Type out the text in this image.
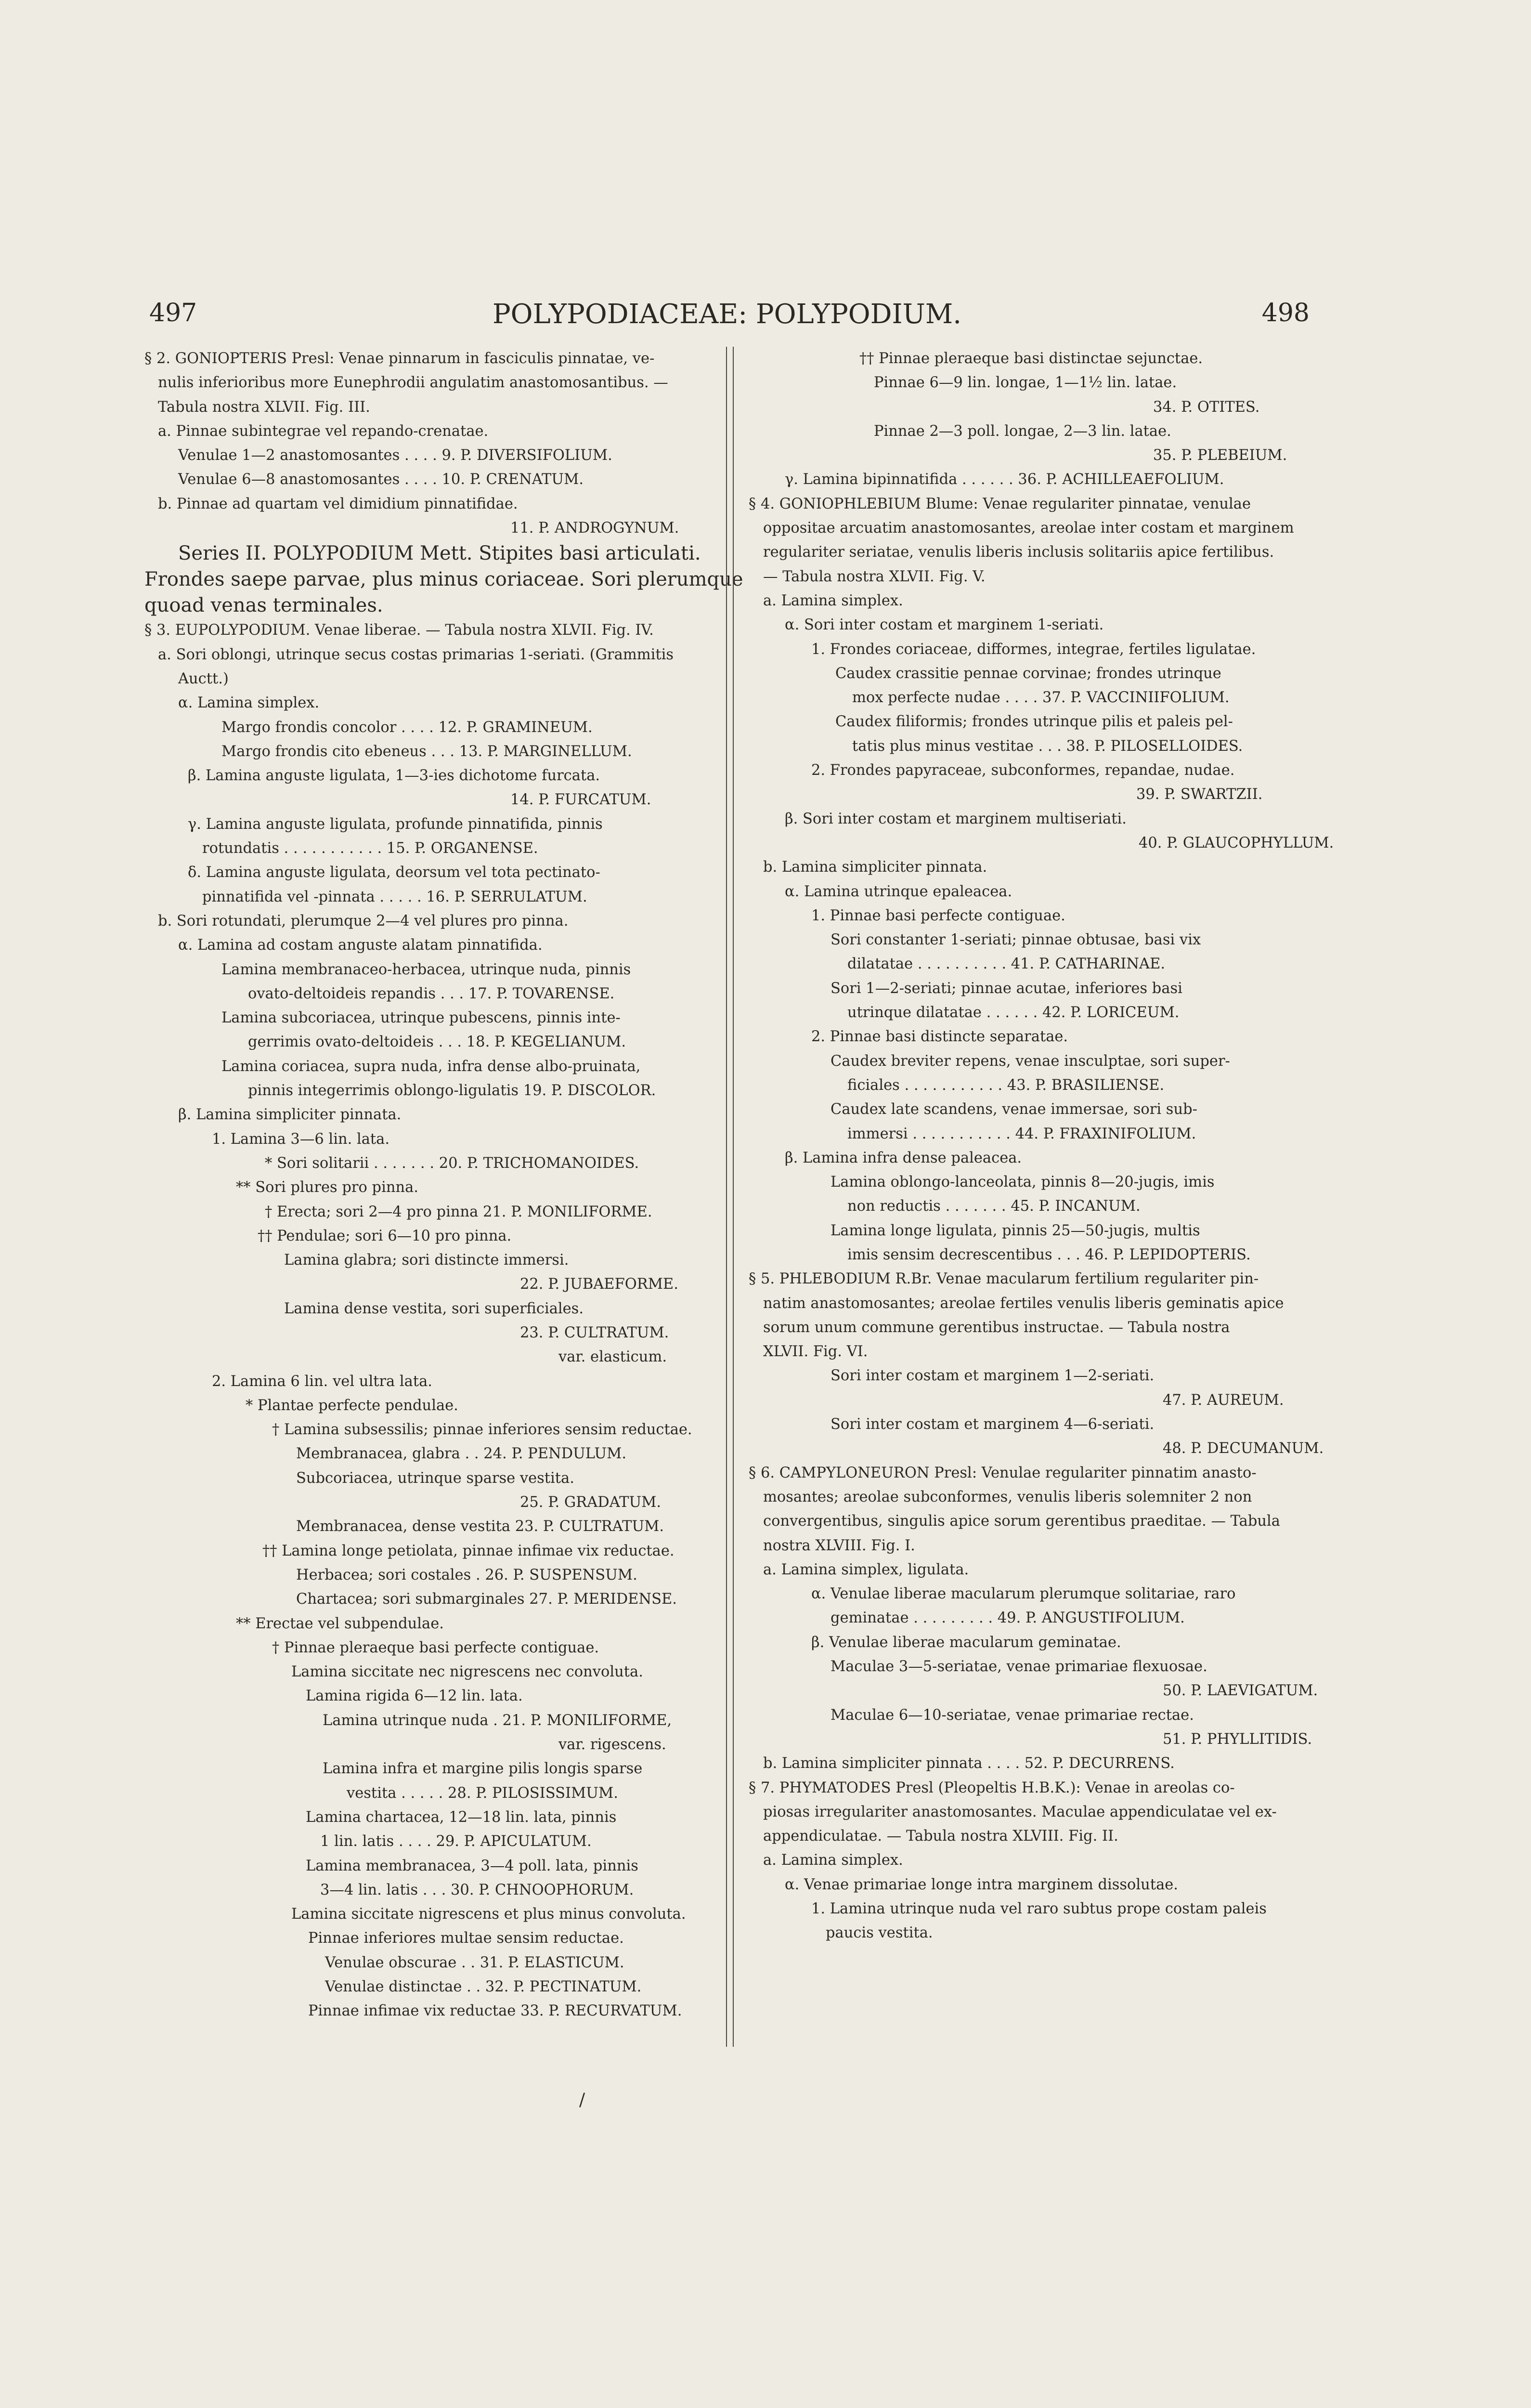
497	POLYPODIACEAE: POLYPODIUM.	498
§ 2. GONIOPTERIS Presl: Venae pinnarum in fasciculis pinnatae, ve-
nulis inferioribus more Eunephrodii angulatim anastomosantibus. —
Tabula nostra XLVII. Fig. III.
a. Pinnae subintegrae vel repando-crenatae.
Venulae 1—2 anastomosantes . . . . 9. P. DIVERSIFOLIUM.
Venulae 6—8 anastomosantes . . . . 10. P. CRENATUM.
b. Pinnae ad quartam vel dimidium pinnatifidae.
11. P. ANDROGYNUM.
Series II. POLYPODIUM Mett. Stipites basi articulati.
Frondes saepe parvae, plus minus coriaceae. Sori plerumque
quoad venas terminales.
§ 3. EUPOLYPODIUM. Venae liberae. — Tabula nostra XLVII. Fig. IV.
a. Sori oblongi, utrinque secus costas primarias 1-seriati. (Grammitis
Auctt.)
α. Lamina simplex.
Margo frondis concolor . . . . 12. P. GRAMINEUM.
Margo frondis cito ebeneus . . . 13. P. MARGINELLUM.
β. Lamina anguste ligulata, 1—3-ies dichotome furcata.
14. P. FURCATUM.
γ. Lamina anguste ligulata, profunde pinnatifida, pinnis
rotundatis . . . . . . . . . . . 15. P. ORGANENSE.
δ. Lamina anguste ligulata, deorsum vel tota pectinato-
pinnatifida vel -pinnata . . . . . 16. P. SERRULATUM.
b. Sori rotundati, plerumque 2—4 vel plures pro pinna.
α. Lamina ad costam anguste alatam pinnatifida.
Lamina membranaceo-herbacea, utrinque nuda, pinnis
ovato-deltoideis repandis . . . 17. P. TOVARENSE.
Lamina subcoriacea, utrinque pubescens, pinnis inte-
gerrimis ovato-deltoideis . . . 18. P. KEGELIANUM.
Lamina coriacea, supra nuda, infra dense albo-pruinata,
pinnis integerrimis oblongo-ligulatis 19. P. DISCOLOR.
β. Lamina simpliciter pinnata.
1. Lamina 3—6 lin. lata.
* Sori solitarii . . . . . . . 20. P. TRICHOMANOIDES.
** Sori plures pro pinna.
† Erecta; sori 2—4 pro pinna 21. P. MONILIFORME.
†† Pendulae; sori 6—10 pro pinna.
Lamina glabra; sori distincte immersi.
22. P. JUBAEFORME.
Lamina dense vestita, sori superficiales.
23. P. CULTRATUM.
var. elasticum.
2. Lamina 6 lin. vel ultra lata.
* Plantae perfecte pendulae.
† Lamina subsessilis; pinnae inferiores sensim reductae.
Membranacea, glabra . . 24. P. PENDULUM.
Subcoriacea, utrinque sparse vestita.
25. P. GRADATUM.
Membranacea, dense vestita 23. P. CULTRATUM.
†† Lamina longe petiolata, pinnae infimae vix reductae.
Herbacea; sori costales . 26. P. SUSPENSUM.
Chartacea; sori submarginales 27. P. MERIDENSE.
** Erectae vel subpendulae.
† Pinnae pleraeque basi perfecte contiguae.
Lamina siccitate nec nigrescens nec convoluta.
Lamina rigida 6—12 lin. lata.
Lamina utrinque nuda . 21. P. MONILIFORME,
var. rigescens.
Lamina infra et margine pilis longis sparse
vestita . . . . . 28. P. PILOSISSIMUM.
Lamina chartacea, 12—18 lin. lata, pinnis
1 lin. latis . . . . 29. P. APICULATUM.
Lamina membranacea, 3—4 poll. lata, pinnis
3—4 lin. latis . . . 30. P. CHNOOPHORUM.
Lamina siccitate nigrescens et plus minus convoluta.
Pinnae inferiores multae sensim reductae.
Venulae obscurae . . 31. P. ELASTICUM.
Venulae distinctae . . 32. P. PECTINATUM.
Pinnae infimae vix reductae 33. P. RECURVATUM.
†† Pinnae pleraeque basi distinctae sejunctae.
Pinnae 6—9 lin. longae, 1—1½ lin. latae.
34. P. OTITES.
Pinnae 2—3 poll. longae, 2—3 lin. latae.
35. P. PLEBEIUM.
γ. Lamina bipinnatifida . . . . . . 36. P. ACHILLEAEFOLIUM.
§ 4. GONIOPHLEBIUM Blume: Venae regulariter pinnatae, venulae
oppositae arcuatim anastomosantes, areolae inter costam et marginem
regulariter seriatae, venulis liberis inclusis solitariis apice fertilibus.
— Tabula nostra XLVII. Fig. V.
a. Lamina simplex.
α. Sori inter costam et marginem 1-seriati.
1. Frondes coriaceae, difformes, integrae, fertiles ligulatae.
Caudex crassitie pennae corvinae; frondes utrinque
mox perfecte nudae . . . . 37. P. VACCINIIFOLIUM.
Caudex filiformis; frondes utrinque pilis et paleis pel-
tatis plus minus vestitae . . . 38. P. PILOSELLOIDES.
2. Frondes papyraceae, subconformes, repandae, nudae.
39. P. SWARTZII.
β. Sori inter costam et marginem multiseriati.
40. P. GLAUCOPHYLLUM.
b. Lamina simpliciter pinnata.
α. Lamina utrinque epaleacea.
1. Pinnae basi perfecte contiguae.
Sori constanter 1-seriati; pinnae obtusae, basi vix
dilatatae . . . . . . . . . . 41. P. CATHARINAE.
Sori 1—2-seriati; pinnae acutae, inferiores basi
utrinque dilatatae . . . . . . 42. P. LORICEUM.
2. Pinnae basi distincte separatae.
Caudex breviter repens, venae insculptae, sori super-
ficiales . . . . . . . . . . . 43. P. BRASILIENSE.
Caudex late scandens, venae immersae, sori sub-
immersi . . . . . . . . . . . 44. P. FRAXINIFOLIUM.
β. Lamina infra dense paleacea.
Lamina oblongo-lanceolata, pinnis 8—20-jugis, imis
non reductis . . . . . . . 45. P. INCANUM.
Lamina longe ligulata, pinnis 25—50-jugis, multis
imis sensim decrescentibus . . . 46. P. LEPIDOPTERIS.
§ 5. PHLEBODIUM R.Br. Venae macularum fertilium regulariter pin-
natim anastomosantes; areolae fertiles venulis liberis geminatis apice
sorum unum commune gerentibus instructae. — Tabula nostra
XLVII. Fig. VI.
Sori inter costam et marginem 1—2-seriati.
47. P. AUREUM.
Sori inter costam et marginem 4—6-seriati.
48. P. DECUMANUM.
§ 6. CAMPYLONEURON Presl: Venulae regulariter pinnatim anasto-
mosantes; areolae subconformes, venulis liberis solemniter 2 non
convergentibus, singulis apice sorum gerentibus praeditae. — Tabula
nostra XLVIII. Fig. I.
a. Lamina simplex, ligulata.
α. Venulae liberae macularum plerumque solitariae, raro
geminatae . . . . . . . . . 49. P. ANGUSTIFOLIUM.
β. Venulae liberae macularum geminatae.
Maculae 3—5-seriatae, venae primariae flexuosae.
50. P. LAEVIGATUM.
Maculae 6—10-seriatae, venae primariae rectae.
51. P. PHYLLITIDIS.
b. Lamina simpliciter pinnata . . . . 52. P. DECURRENS.
§ 7. PHYMATODES Presl (Pleopeltis H.B.K.): Venae in areolas co-
piosas irregulariter anastomosantes. Maculae appendiculatae vel ex-
appendiculatae. — Tabula nostra XLVIII. Fig. II.
a. Lamina simplex.
α. Venae primariae longe intra marginem dissolutae.
1. Lamina utrinque nuda vel raro subtus prope costam paleis
paucis vestita.
/
